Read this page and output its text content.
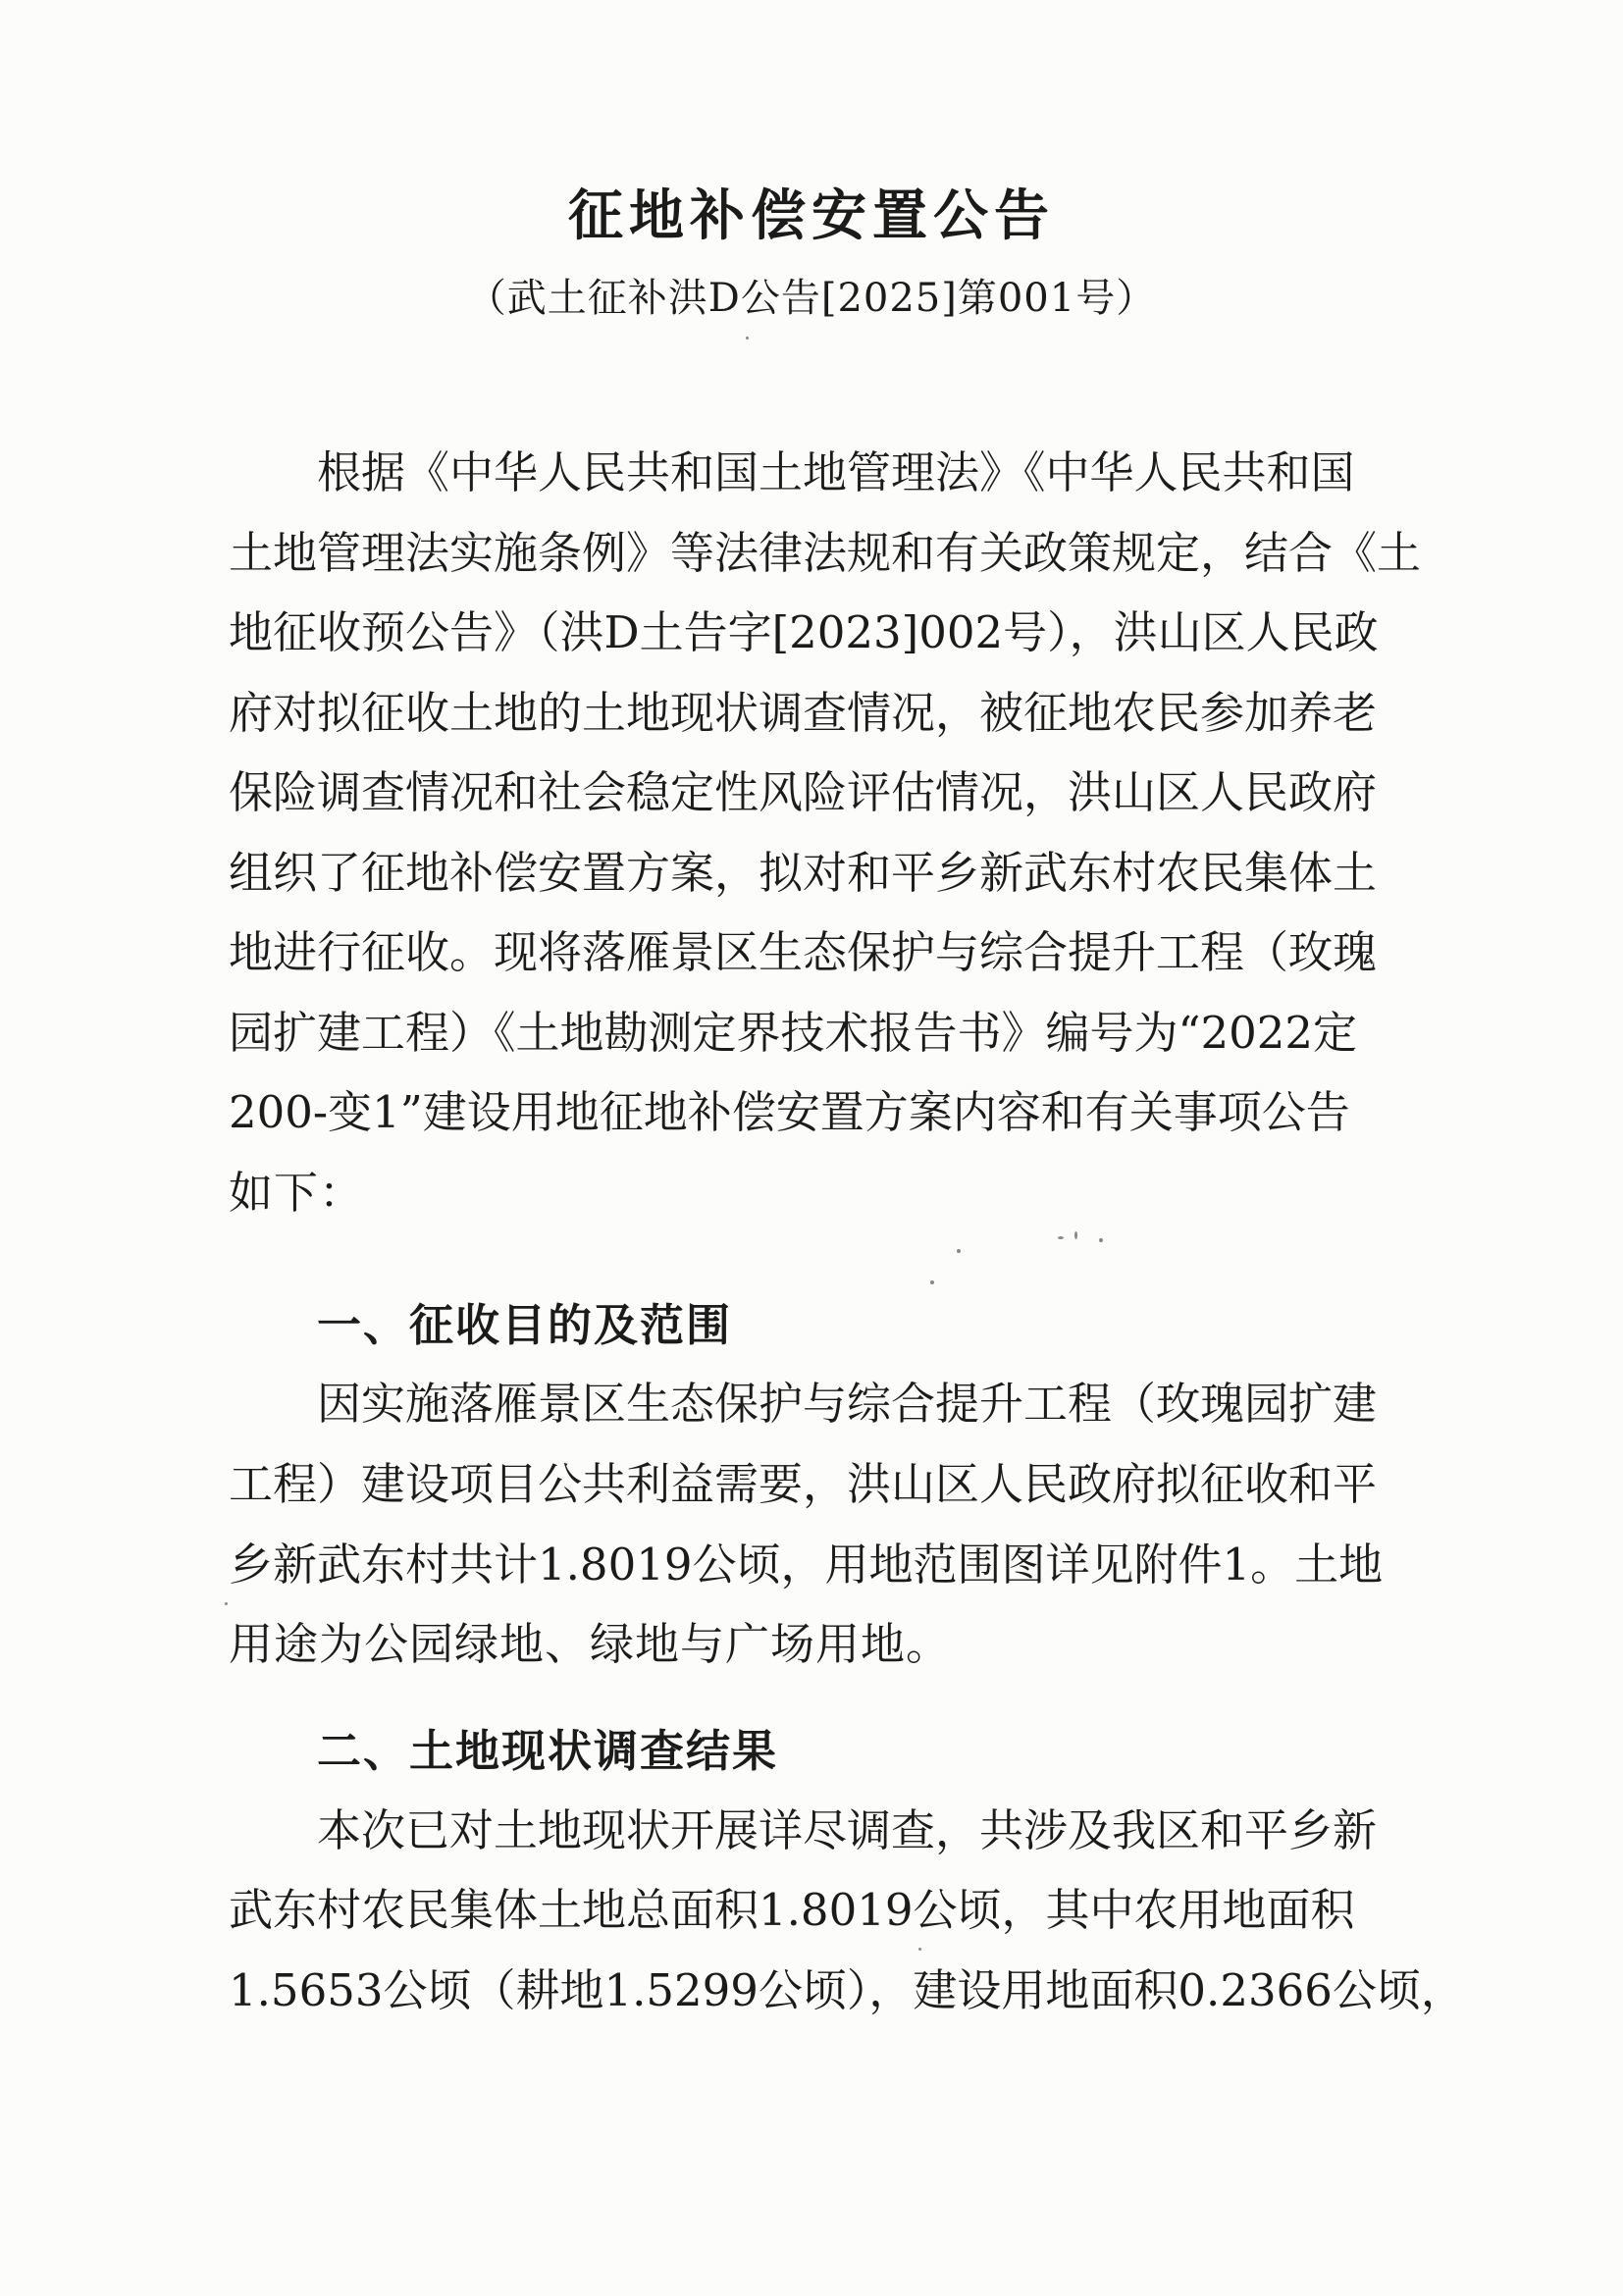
征地补偿安置公告
（武土征补洪D公告[2025]第001号）
根据《中华人民共和国土地管理法》《中华人民共和国
土地管理法实施条例》等法律法规和有关政策规定，结合《土
地征收预公告》（洪D土告字[2023]002号），洪山区人民政
府对拟征收土地的土地现状调查情况，被征地农民参加养老
保险调查情况和社会稳定性风险评估情况，洪山区人民政府
组织了征地补偿安置方案，拟对和平乡新武东村农民集体土
地进行征收。现将落雁景区生态保护与综合提升工程（玫瑰
园扩建工程）《土地勘测定界技术报告书》编号为“2022定
200-变1”建设用地征地补偿安置方案内容和有关事项公告
如下：
一、征收目的及范围
因实施落雁景区生态保护与综合提升工程（玫瑰园扩建
工程）建设项目公共利益需要，洪山区人民政府拟征收和平
乡新武东村共计1.8019公顷，用地范围图详见附件1。土地
用途为公园绿地、绿地与广场用地。
二、土地现状调查结果
本次已对土地现状开展详尽调查，共涉及我区和平乡新
武东村农民集体土地总面积1.8019公顷，其中农用地面积
1.5653公顷（耕地1.5299公顷），建设用地面积0.2366公顷，
